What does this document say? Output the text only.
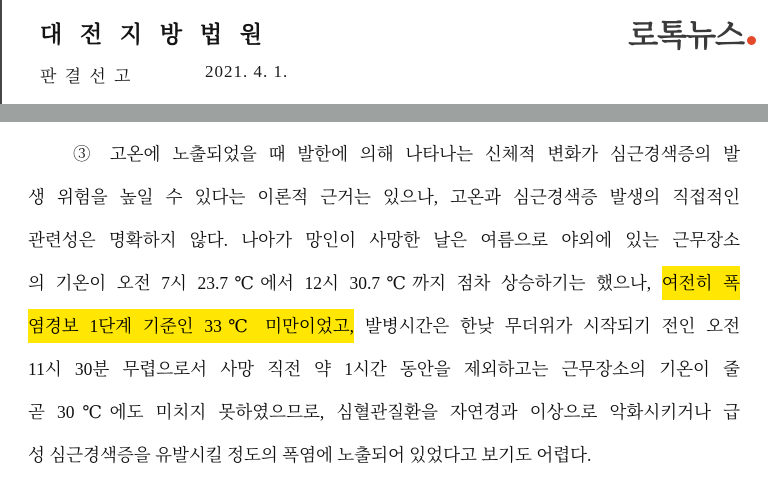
대 전 지 방 법 원
판 결 선 고	2021. 4. 1.
로톡뉴스
③ 고온에 노출되었을 때 발한에 의해 나타나는 신체적 변화가 심근경색증의 발
생 위험을 높일 수 있다는 이론적 근거는 있으나, 고온과 심근경색증 발생의 직접적인
관련성은 명확하지 않다. 나아가 망인이 사망한 날은 여름으로 야외에 있는 근무장소
의 기온이 오전 7시 23.7℃에서 12시 30.7℃까지 점차 상승하기는 했으나, 여전히 폭
염경보 1단계 기준인 33℃ 미만이었고, 발병시간은 한낮 무더위가 시작되기 전인 오전
11시 30분 무렵으로서 사망 직전 약 1시간 동안을 제외하고는 근무장소의 기온이 줄
곧 30℃에도 미치지 못하였으므로, 심혈관질환을 자연경과 이상으로 악화시키거나 급
성 심근경색증을 유발시킬 정도의 폭염에 노출되어 있었다고 보기도 어렵다.
